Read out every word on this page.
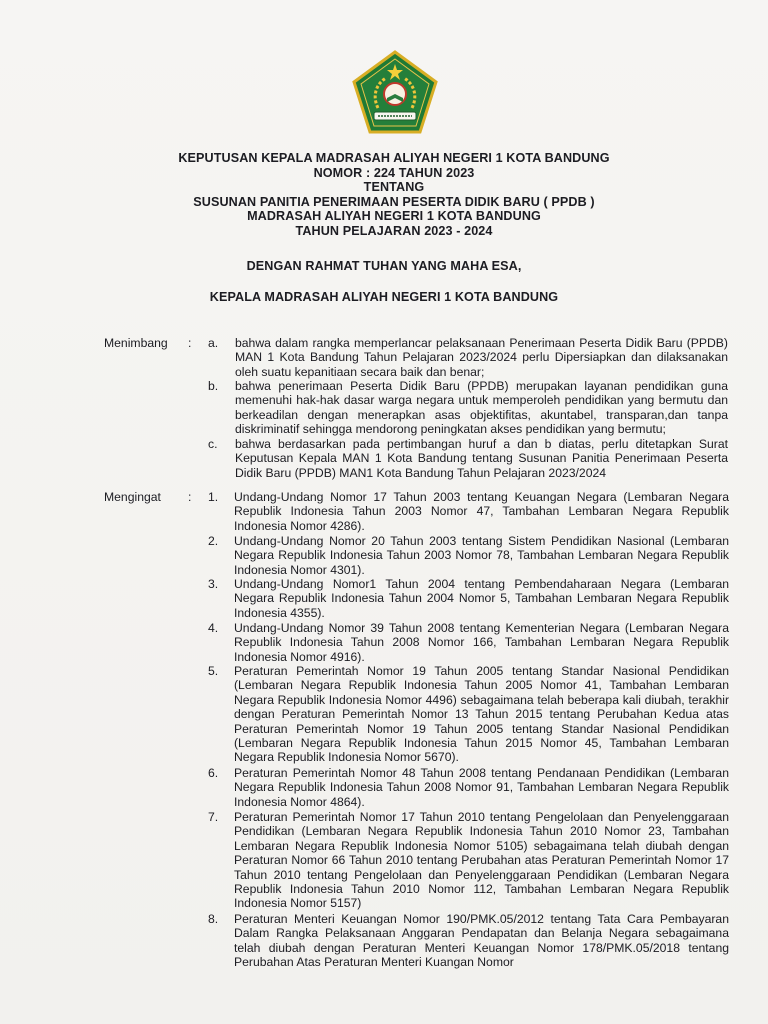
KEPUTUSAN KEPALA MADRASAH ALIYAH NEGERI 1 KOTA BANDUNG
NOMOR : 224 TAHUN 2023
TENTANG
SUSUNAN PANITIA PENERIMAAN PESERTA DIDIK BARU ( PPDB )
MADRASAH ALIYAH NEGERI 1 KOTA BANDUNG
TAHUN PELAJARAN 2023 - 2024
DENGAN RAHMAT TUHAN YANG MAHA ESA,
KEPALA MADRASAH ALIYAH NEGERI 1 KOTA BANDUNG
Menimbang : a. bahwa dalam rangka memperlancar pelaksanaan Penerimaan Peserta Didik Baru (PPDB) MAN 1 Kota Bandung Tahun Pelajaran 2023/2024 perlu Dipersiapkan dan dilaksanakan oleh suatu kepanitiaan secara baik dan benar;
b. bahwa penerimaan Peserta Didik Baru (PPDB) merupakan layanan pendidikan guna memenuhi hak-hak dasar warga negara untuk memperoleh pendidikan yang bermutu dan berkeadilan dengan menerapkan asas objektifitas, akuntabel, transparan,dan tanpa diskriminatif sehingga mendorong peningkatan akses pendidikan yang bermutu;
c. bahwa berdasarkan pada pertimbangan huruf a dan b diatas, perlu ditetapkan Surat Keputusan Kepala MAN 1 Kota Bandung tentang Susunan Panitia Penerimaan Peserta Didik Baru (PPDB) MAN1 Kota Bandung Tahun Pelajaran 2023/2024
Mengingat : 1. Undang-Undang Nomor 17 Tahun 2003 tentang Keuangan Negara (Lembaran Negara Republik Indonesia Tahun 2003 Nomor 47, Tambahan Lembaran Negara Republik Indonesia Nomor 4286).
2. Undang-Undang Nomor 20 Tahun 2003 tentang Sistem Pendidikan Nasional (Lembaran Negara Republik Indonesia Tahun 2003 Nomor 78, Tambahan Lembaran Negara Republik Indonesia Nomor 4301).
3. Undang-Undang Nomor1 Tahun 2004 tentang Pembendaharaan Negara (Lembaran Negara Republik Indonesia Tahun 2004 Nomor 5, Tambahan Lembaran Negara Republik Indonesia 4355).
4. Undang-Undang Nomor 39 Tahun 2008 tentang Kementerian Negara (Lembaran Negara Republik Indonesia Tahun 2008 Nomor 166, Tambahan Lembaran Negara Republik Indonesia Nomor 4916).
5. Peraturan Pemerintah Nomor 19 Tahun 2005 tentang Standar Nasional Pendidikan (Lembaran Negara Republik Indonesia Tahun 2005 Nomor 41, Tambahan Lembaran Negara Republik Indonesia Nomor 4496) sebagaimana telah beberapa kali diubah, terakhir dengan Peraturan Pemerintah Nomor 13 Tahun 2015 tentang Perubahan Kedua atas Peraturan Pemerintah Nomor 19 Tahun 2005 tentang Standar Nasional Pendidikan (Lembaran Negara Republik Indonesia Tahun 2015 Nomor 45, Tambahan Lembaran Negara Republik Indonesia Nomor 5670).
6. Peraturan Pemerintah Nomor 48 Tahun 2008 tentang Pendanaan Pendidikan (Lembaran Negara Republik Indonesia Tahun 2008 Nomor 91, Tambahan Lembaran Negara Republik Indonesia Nomor 4864).
7. Peraturan Pemerintah Nomor 17 Tahun 2010 tentang Pengelolaan dan Penyelenggaraan Pendidikan (Lembaran Negara Republik Indonesia Tahun 2010 Nomor 23, Tambahan Lembaran Negara Republik Indonesia Nomor 5105) sebagaimana telah diubah dengan Peraturan Nomor 66 Tahun 2010 tentang Perubahan atas Peraturan Pemerintah Nomor 17 Tahun 2010 tentang Pengelolaan dan Penyelenggaraan Pendidikan (Lembaran Negara Republik Indonesia Tahun 2010 Nomor 112, Tambahan Lembaran Negara Republik Indonesia Nomor 5157)
8. Peraturan Menteri Keuangan Nomor 190/PMK.05/2012 tentang Tata Cara Pembayaran Dalam Rangka Pelaksanaan Anggaran Pendapatan dan Belanja Negara sebagaimana telah diubah dengan Peraturan Menteri Keuangan Nomor 178/PMK.05/2018 tentang Perubahan Atas Peraturan Menteri Kuangan Nomor
